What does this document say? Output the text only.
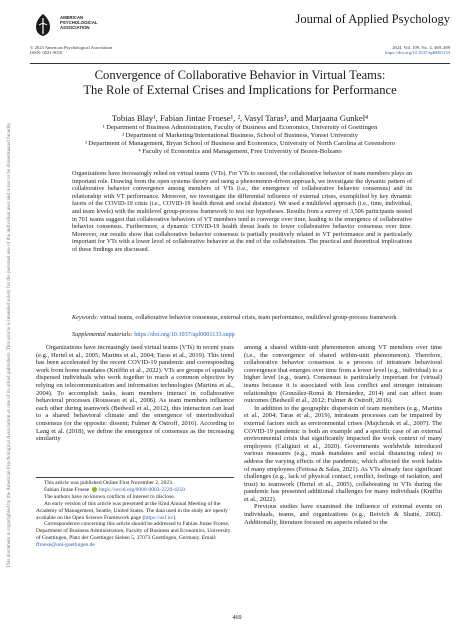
This document is copyrighted by the American Psychological Association or one of its allied publishers. This article is intended solely for the personal use of the individual user and is not to be disseminated broadly.
AMERICAN
PSYCHOLOGICAL
ASSOCIATION
Journal of Applied Psychology
© 2023 American Psychological Association
ISSN: 0021-9010
2024, Vol. 109, No. 4, 469–489
https://doi.org/10.1037/apl0001133
Convergence of Collaborative Behavior in Virtual Teams:
The Role of External Crises and Implications for Performance
Tobias Blay¹, Fabian Jintae Froese¹, ², Vasyl Taras³, and Marjaana Gunkel⁴
¹ Department of Business Administration, Faculty of Business and Economics, University of Goettingen
² Department of Marketing/International Business, School of Business, Yonsei University
³ Department of Management, Bryan School of Business and Economics, University of North Carolina at Greensboro
⁴ Faculty of Economics and Management, Free University of Bozen-Bolzano
Organizations have increasingly relied on virtual teams (VTs). For VTs to succeed, the collaborative behavior of team members plays an important role. Drawing from the open systems theory and using a phenomenon-driven approach, we investigate the dynamic pattern of collaborative behavior convergence among members of VTs (i.e., the emergence of collaborative behavior consensus) and its relationship with VT performance. Moreover, we investigate the differential influence of external crises, exemplified by key dynamic facets of the COVID-19 crisis (i.e., COVID-19 health threat and social distance). We used a multilevel approach (i.e., time, individual, and team levels) with the multilevel group-process framework to test our hypotheses. Results from a survey of 3,506 participants nested in 701 teams suggest that collaborative behaviors of VT members tend to converge over time, leading to the emergence of collaborative behavior consensus. Furthermore, a dynamic COVID-19 health threat leads to lower collaborative behavior consensus over time. Moreover, our results show that collaborative behavior consensus is partially positively related to VT performance and is particularly important for VTs with a lower level of collaborative behavior at the end of the collaboration. The practical and theoretical implications of these findings are discussed.
Keywords: virtual teams, collaborative behavior consensus, external crisis, team performance, multilevel group-process framework
Supplemental materials: https://doi.org/10.1037/apl0001133.supp

Organizations have increasingly used virtual teams (VTs) in recent years (e.g., Hertel et al., 2005; Martins et al., 2004; Taras et al., 2019). This trend has been accelerated by the recent COVID-19 pandemic and corresponding work from home mandates (Kniffin et al., 2022). VTs are groups of spatially dispersed individuals who work together to reach a common objective by relying on telecommunication and information technologies (Martins et al., 2004). To accomplish tasks, team members interact in collaborative behavioral processes (Rousseau et al., 2006). As team members influence each other during teamwork (Bedwell et al., 2012), this interaction can lead to a shared behavioral climate and the emergence of interindividual consensus (or the opposite: dissent; Fulmer & Ostroff, 2016). According to Lang et al. (2018), we define the emergence of consensus as the increasing similarity

among a shared within-unit phenomenon among VT members over time (i.e., the convergence of shared within-unit phenomenon). Therefore, collaborative behavior consensus is a process of intrateam behavioral convergence that emerges over time from a lower level (e.g., individual) to a higher level (e.g., team). Consensus is particularly important for (virtual) teams because it is associated with less conflict and stronger intrateam relationships (González-Romá & Hernández, 2014) and can affect team outcomes (Bedwell et al., 2012; Fulmer & Ostroff, 2016).

In addition to the geographic dispersion of team members (e.g., Martins et al., 2004; Taras et al., 2019), intrateam processes can be impaired by external factors such as environmental crises (Majchrzak et al., 2007). The COVID-19 pandemic is both an example and a specific case of an external environmental crisis that significantly impacted the work context of many employees (Caligiuri et al., 2020). Governments worldwide introduced various measures (e.g., mask mandates and social distancing rules) to address the varying effects of the pandemic, which affected the work habits of many employees (Feitosa & Salas, 2021). As VTs already face significant challenges (e.g., lack of physical contact, conflict, feelings of isolation, and trust) to teamwork (Hertel et al., 2005), collaborating in VTs during the pandemic has presented additional challenges for many individuals (Kniffin et al., 2022).

Previous studies have examined the influence of external events on individuals, teams, and organizations (e.g., Reivich & Shatté, 2002). Additionally, literature focused on aspects related to the

This article was published Online First November 2, 2023.

Fabian Jintae Froese https://orcid.org/0000-0003-2220-4250

The authors have no known conflicts of interest to disclose.

An early version of this article was presented at the 82nd Annual Meeting of the Academy of Management, Seattle, United States. The data used in the study are openly available on the Open Science Framework page (https://osf.io/).

Correspondence concerning this article should be addressed to Fabian Jintae Froese, Department of Business Administration, Faculty of Business and Economics, University of Goettingen, Platz der Goettinger Sieben 5, 37073 Goettingen, Germany. Email: ffroese@uni-goettingen.de

469
